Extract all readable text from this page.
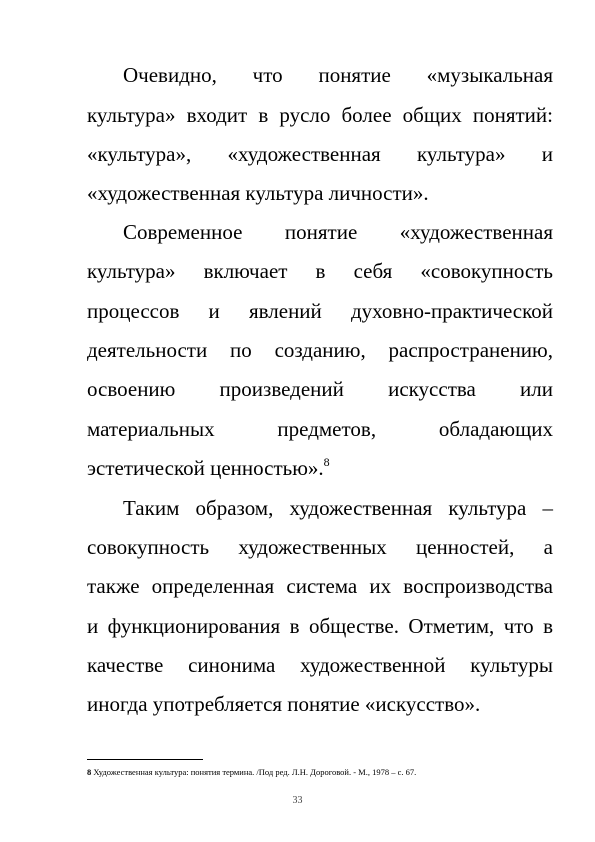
Очевидно, что понятие «музыкальная
культура» входит в русло более общих понятий:
«культура», «художественная культура» и
«художественная культура личности».
Современное понятие «художественная
культура» включает в себя «совокупность
процессов и явлений духовно-практической
деятельности по созданию, распространению,
освоению произведений искусства или
материальных предметов, обладающих
эстетической ценностью».$^8$
Таким образом, художественная культура –
совокупность художественных ценностей, а
также определенная система их воспроизводства
и функционирования в обществе. Отметим, что в
качестве синонима художественной культуры
иногда употребляется понятие «искусство».
8 Художественная культура: понятия термина. /Под ред. Л.Н. Дороговой. - М., 1978 – с. 67.
33
